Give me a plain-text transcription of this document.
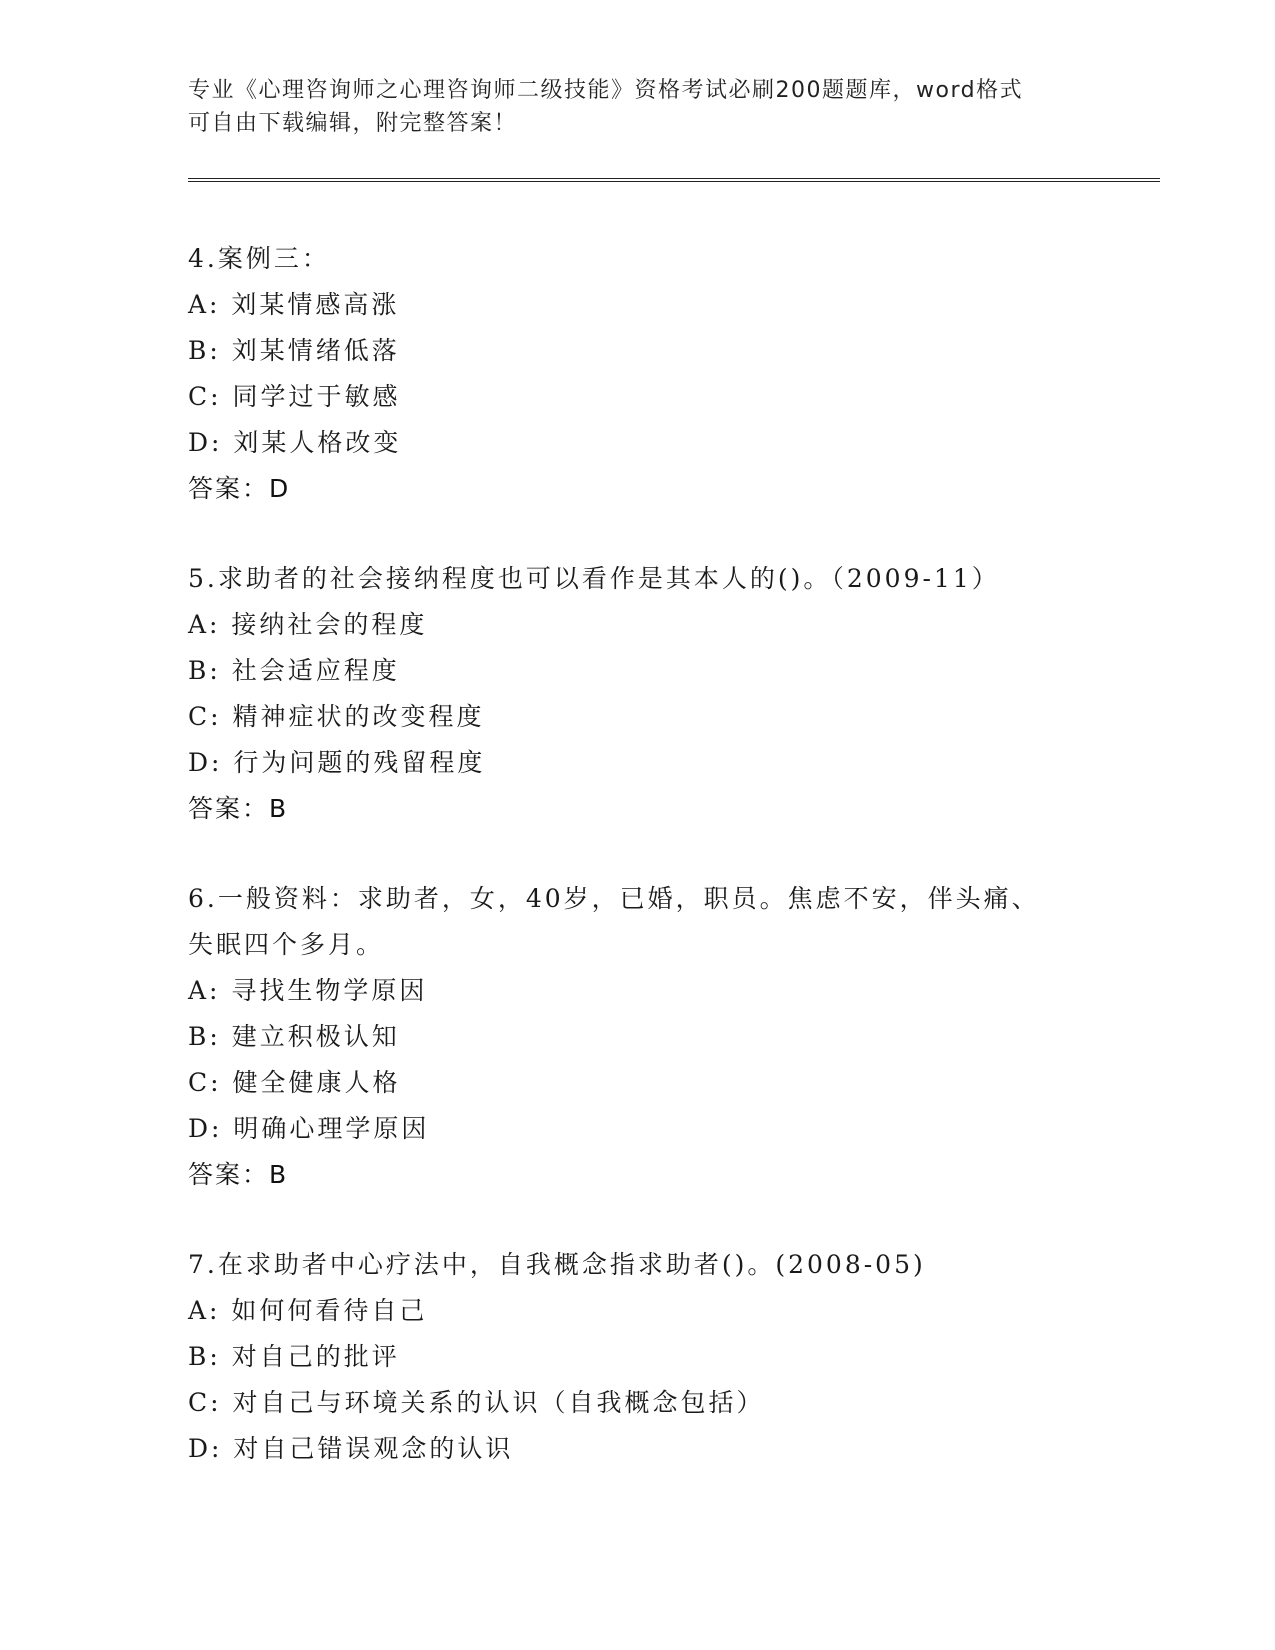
专业《心理咨询师之心理咨询师二级技能》资格考试必刷200题题库，word格式

可自由下载编辑，附完整答案！

4.案例三：
A: 刘某情感高涨
B: 刘某情绪低落
C: 同学过于敏感
D: 刘某人格改变
答案：D
5.求助者的社会接纳程度也可以看作是其本人的()。（2009-11）
A: 接纳社会的程度
B: 社会适应程度
C: 精神症状的改变程度
D: 行为问题的残留程度
答案：B
6.一般资料：求助者，女，40岁，已婚，职员。焦虑不安，伴头痛、
失眠四个多月。
A: 寻找生物学原因
B: 建立积极认知
C: 健全健康人格
D: 明确心理学原因
答案：B
7.在求助者中心疗法中，自我概念指求助者()。(2008-05)
A: 如何何看待自己
B: 对自己的批评
C: 对自己与环境关系的认识（自我概念包括）
D: 对自己错误观念的认识
